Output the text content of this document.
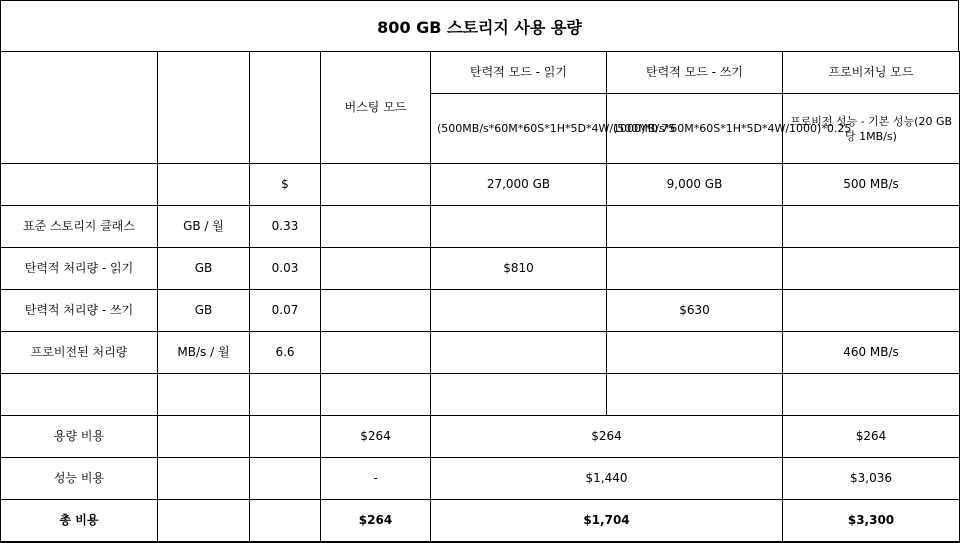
800 GB 스토리지 사용 용량
			버스팅 모드	탄력적 모드 - 읽기	탄력적 모드 - 쓰기	프로비저닝 모드
				(500MB/s*60M*60S*1H*5D*4W/1000)*0.75	(500MB/s*60M*60S*1H*5D*4W/1000)*0.25	프로비전 성능 - 기본 성능(20 GB당 1MB/s)
		$		27,000 GB	9,000 GB	500 MB/s
표준 스토리지 클래스	GB / 월	0.33				
탄력적 처리량 - 읽기	GB	0.03		$810		
탄력적 처리량 - 쓰기	GB	0.07			$630	
프로비전된 처리량	MB/s / 월	6.6				460 MB/s

용량 비용			$264	$264		$264
성능 비용			-	$1,440		$3,036
총 비용			$264	$1,704		$3,300
